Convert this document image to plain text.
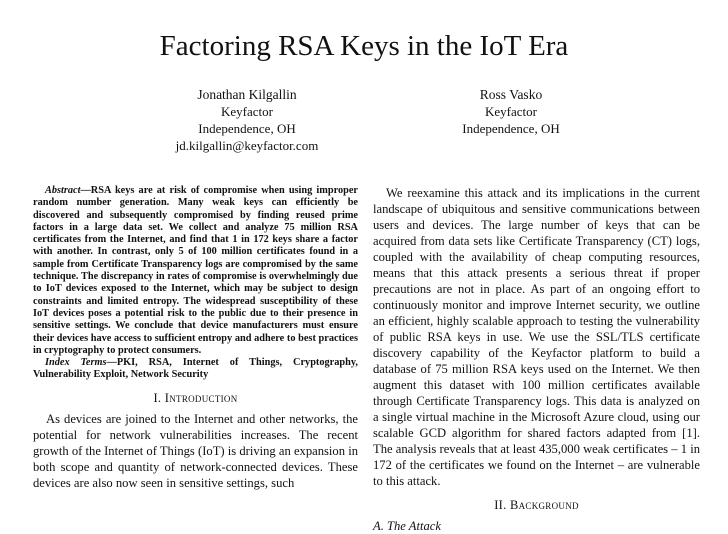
Factoring RSA Keys in the IoT Era
Jonathan Kilgallin
Keyfactor
Independence, OH
jd.kilgallin@keyfactor.com
Ross Vasko
Keyfactor
Independence, OH

Abstract—RSA keys are at risk of compromise when using improper random number generation. Many weak keys can efficiently be discovered and subsequently compromised by finding reused prime factors in a large data set. We collect and analyze 75 million RSA certificates from the Internet, and find that 1 in 172 keys share a factor with another. In contrast, only 5 of 100 million certificates found in a sample from Certificate Transparency logs are compromised by the same technique. The discrepancy in rates of compromise is overwhelmingly due to IoT devices exposed to the Internet, which may be subject to design constraints and limited entropy. The widespread susceptibility of these IoT devices poses a potential risk to the public due to their presence in sensitive settings. We conclude that device manufacturers must ensure their devices have access to sufficient entropy and adhere to best practices in cryptography to protect consumers.

Index Terms—PKI, RSA, Internet of Things, Cryptography, Vulnerability Exploit, Network Security

I. Introduction

As devices are joined to the Internet and other networks, the potential for network vulnerabilities increases. The recent growth of the Internet of Things (IoT) is driving an expansion in both scope and quantity of network-connected devices. These devices are also now seen in sensitive settings, such

We reexamine this attack and its implications in the current landscape of ubiquitous and sensitive communications between users and devices. The large number of keys that can be acquired from data sets like Certificate Transparency (CT) logs, coupled with the availability of cheap computing resources, means that this attack presents a serious threat if proper precautions are not in place. As part of an ongoing effort to continuously monitor and improve Internet security, we outline an efficient, highly scalable approach to testing the vulnerability of public RSA keys in use. We use the SSL/TLS certificate discovery capability of the Keyfactor platform to build a database of 75 million RSA keys used on the Internet. We then augment this dataset with 100 million certificates available through Certificate Transparency logs. This data is analyzed on a single virtual machine in the Microsoft Azure cloud, using our scalable GCD algorithm for shared factors adapted from [1]. The analysis reveals that at least 435,000 weak certificates – 1 in 172 of the certificates we found on the Internet – are vulnerable to this attack.

II. Background
A. The Attack
